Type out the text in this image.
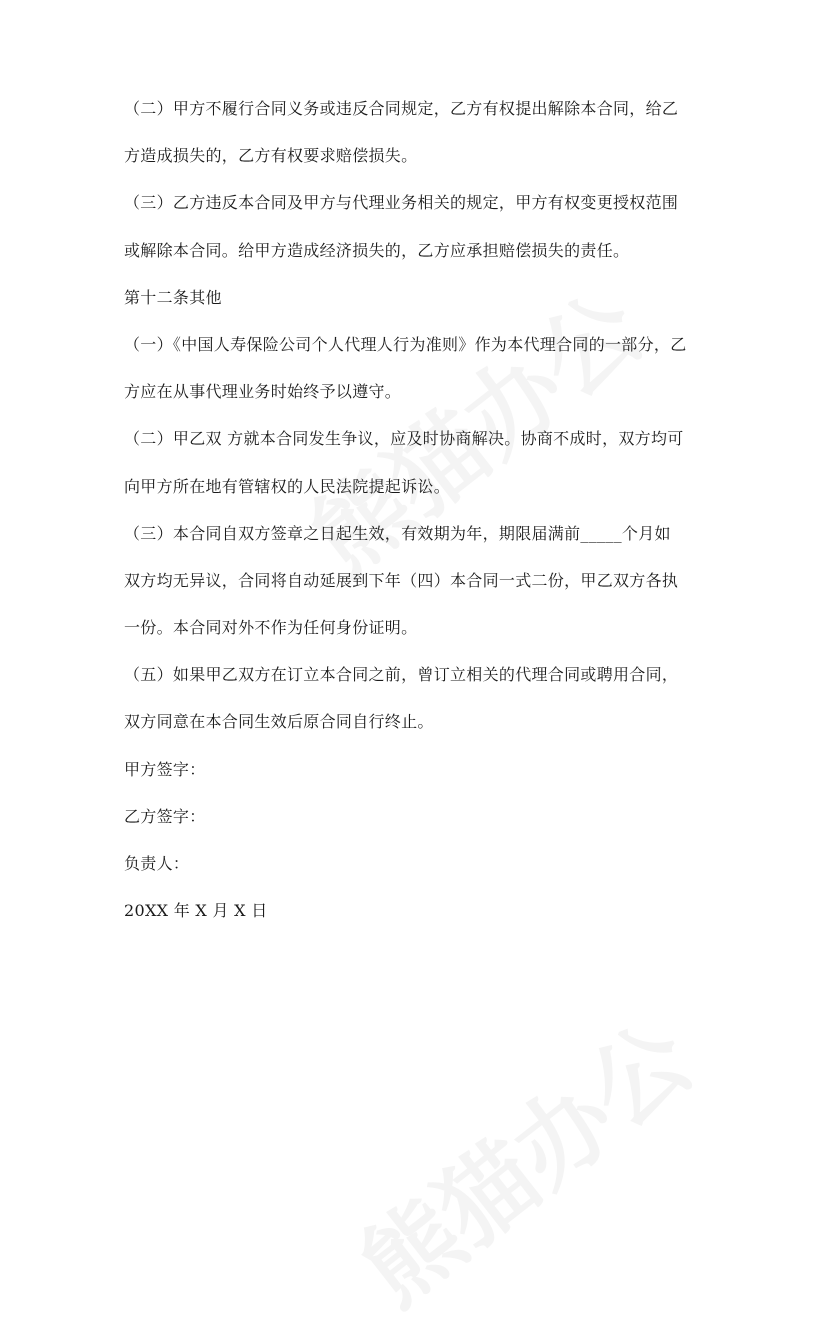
（二）甲方不履行合同义务或违反合同规定，乙方有权提出解除本合同，给乙
方造成损失的，乙方有权要求赔偿损失。
（三）乙方违反本合同及甲方与代理业务相关的规定，甲方有权变更授权范围
或解除本合同。给甲方造成经济损失的，乙方应承担赔偿损失的责任。
第十二条其他
（一）《中国人寿保险公司个人代理人行为准则》作为本代理合同的一部分，乙
方应在从事代理业务时始终予以遵守。
（二）甲乙双 方就本合同发生争议，应及时协商解决。协商不成时，双方均可
向甲方所在地有管辖权的人民法院提起诉讼。
（三）本合同自双方签章之日起生效，有效期为年，期限届满前_____个月如
双方均无异议，合同将自动延展到下年（四）本合同一式二份，甲乙双方各执
一份。本合同对外不作为任何身份证明。
（五）如果甲乙双方在订立本合同之前，曾订立相关的代理合同或聘用合同，
双方同意在本合同生效后原合同自行终止。
甲方签字：
乙方签字：
负责人：
20XX 年 X 月 X 日
